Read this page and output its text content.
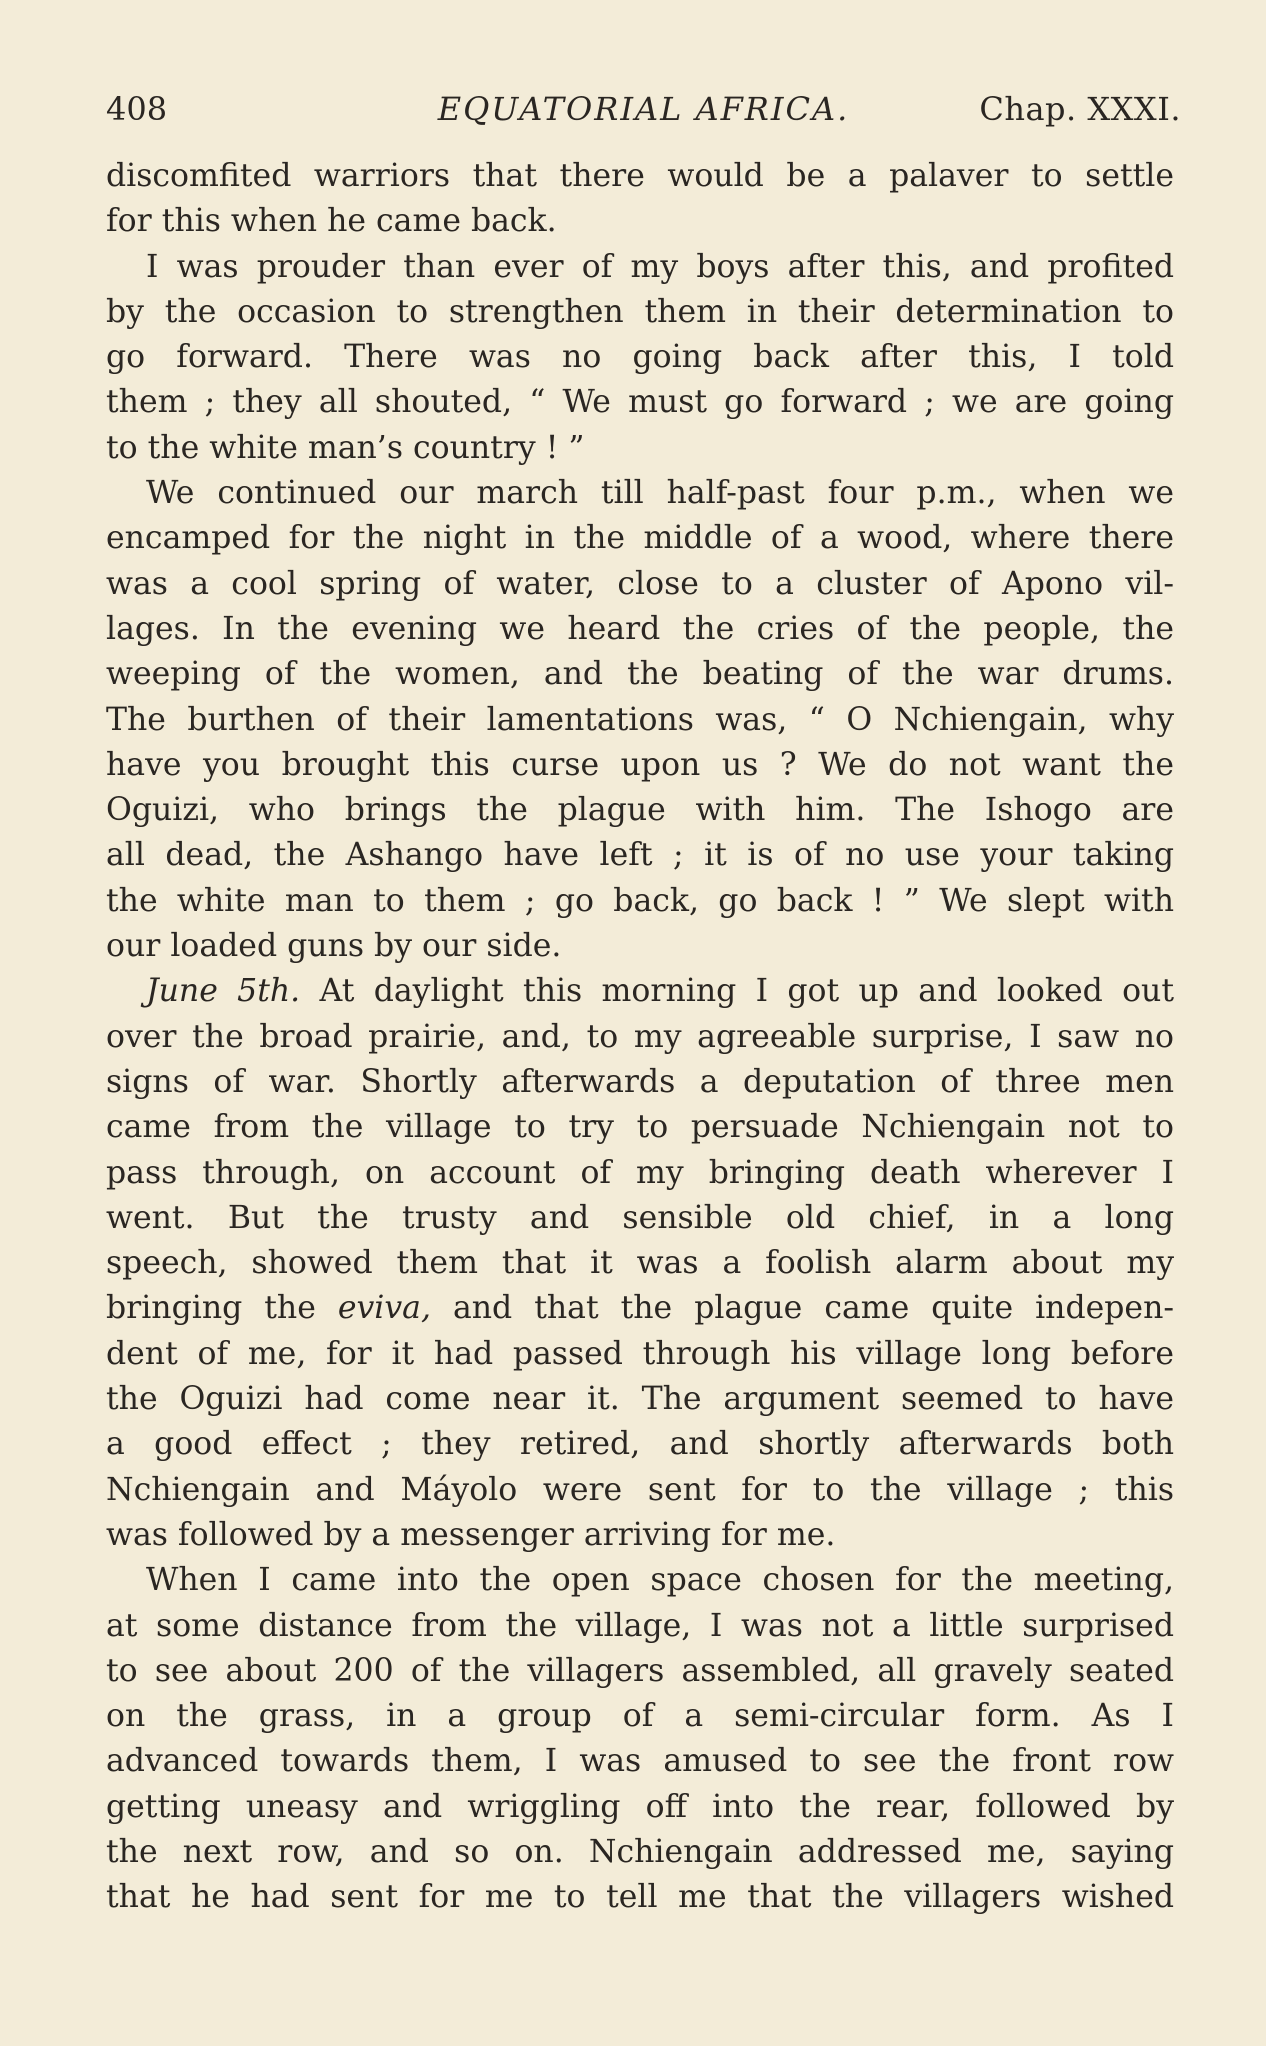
408	EQUATORIAL AFRICA.	Chap. XXXI.
discomfited warriors that there would be a palaver to settle
for this when he came back.
I was prouder than ever of my boys after this, and profited
by the occasion to strengthen them in their determination to
go forward. There was no going back after this, I told
them ; they all shouted, “ We must go forward ; we are going
to the white man’s country ! ”
We continued our march till half-past four p.m., when we
encamped for the night in the middle of a wood, where there
was a cool spring of water, close to a cluster of Apono vil-
lages. In the evening we heard the cries of the people, the
weeping of the women, and the beating of the war drums.
The burthen of their lamentations was, “ O Nchiengain, why
have you brought this curse upon us ? We do not want the
Oguizi, who brings the plague with him. The Ishogo are
all dead, the Ashango have left ; it is of no use your taking
the white man to them ; go back, go back ! ” We slept with
our loaded guns by our side.
June 5th. At daylight this morning I got up and looked out
over the broad prairie, and, to my agreeable surprise, I saw no
signs of war. Shortly afterwards a deputation of three men
came from the village to try to persuade Nchiengain not to
pass through, on account of my bringing death wherever I
went. But the trusty and sensible old chief, in a long
speech, showed them that it was a foolish alarm about my
bringing the eviva, and that the plague came quite indepen-
dent of me, for it had passed through his village long before
the Oguizi had come near it. The argument seemed to have
a good effect ; they retired, and shortly afterwards both
Nchiengain and Máyolo were sent for to the village ; this
was followed by a messenger arriving for me.
When I came into the open space chosen for the meeting,
at some distance from the village, I was not a little surprised
to see about 200 of the villagers assembled, all gravely seated
on the grass, in a group of a semi-circular form. As I
advanced towards them, I was amused to see the front row
getting uneasy and wriggling off into the rear, followed by
the next row, and so on. Nchiengain addressed me, saying
that he had sent for me to tell me that the villagers wished
